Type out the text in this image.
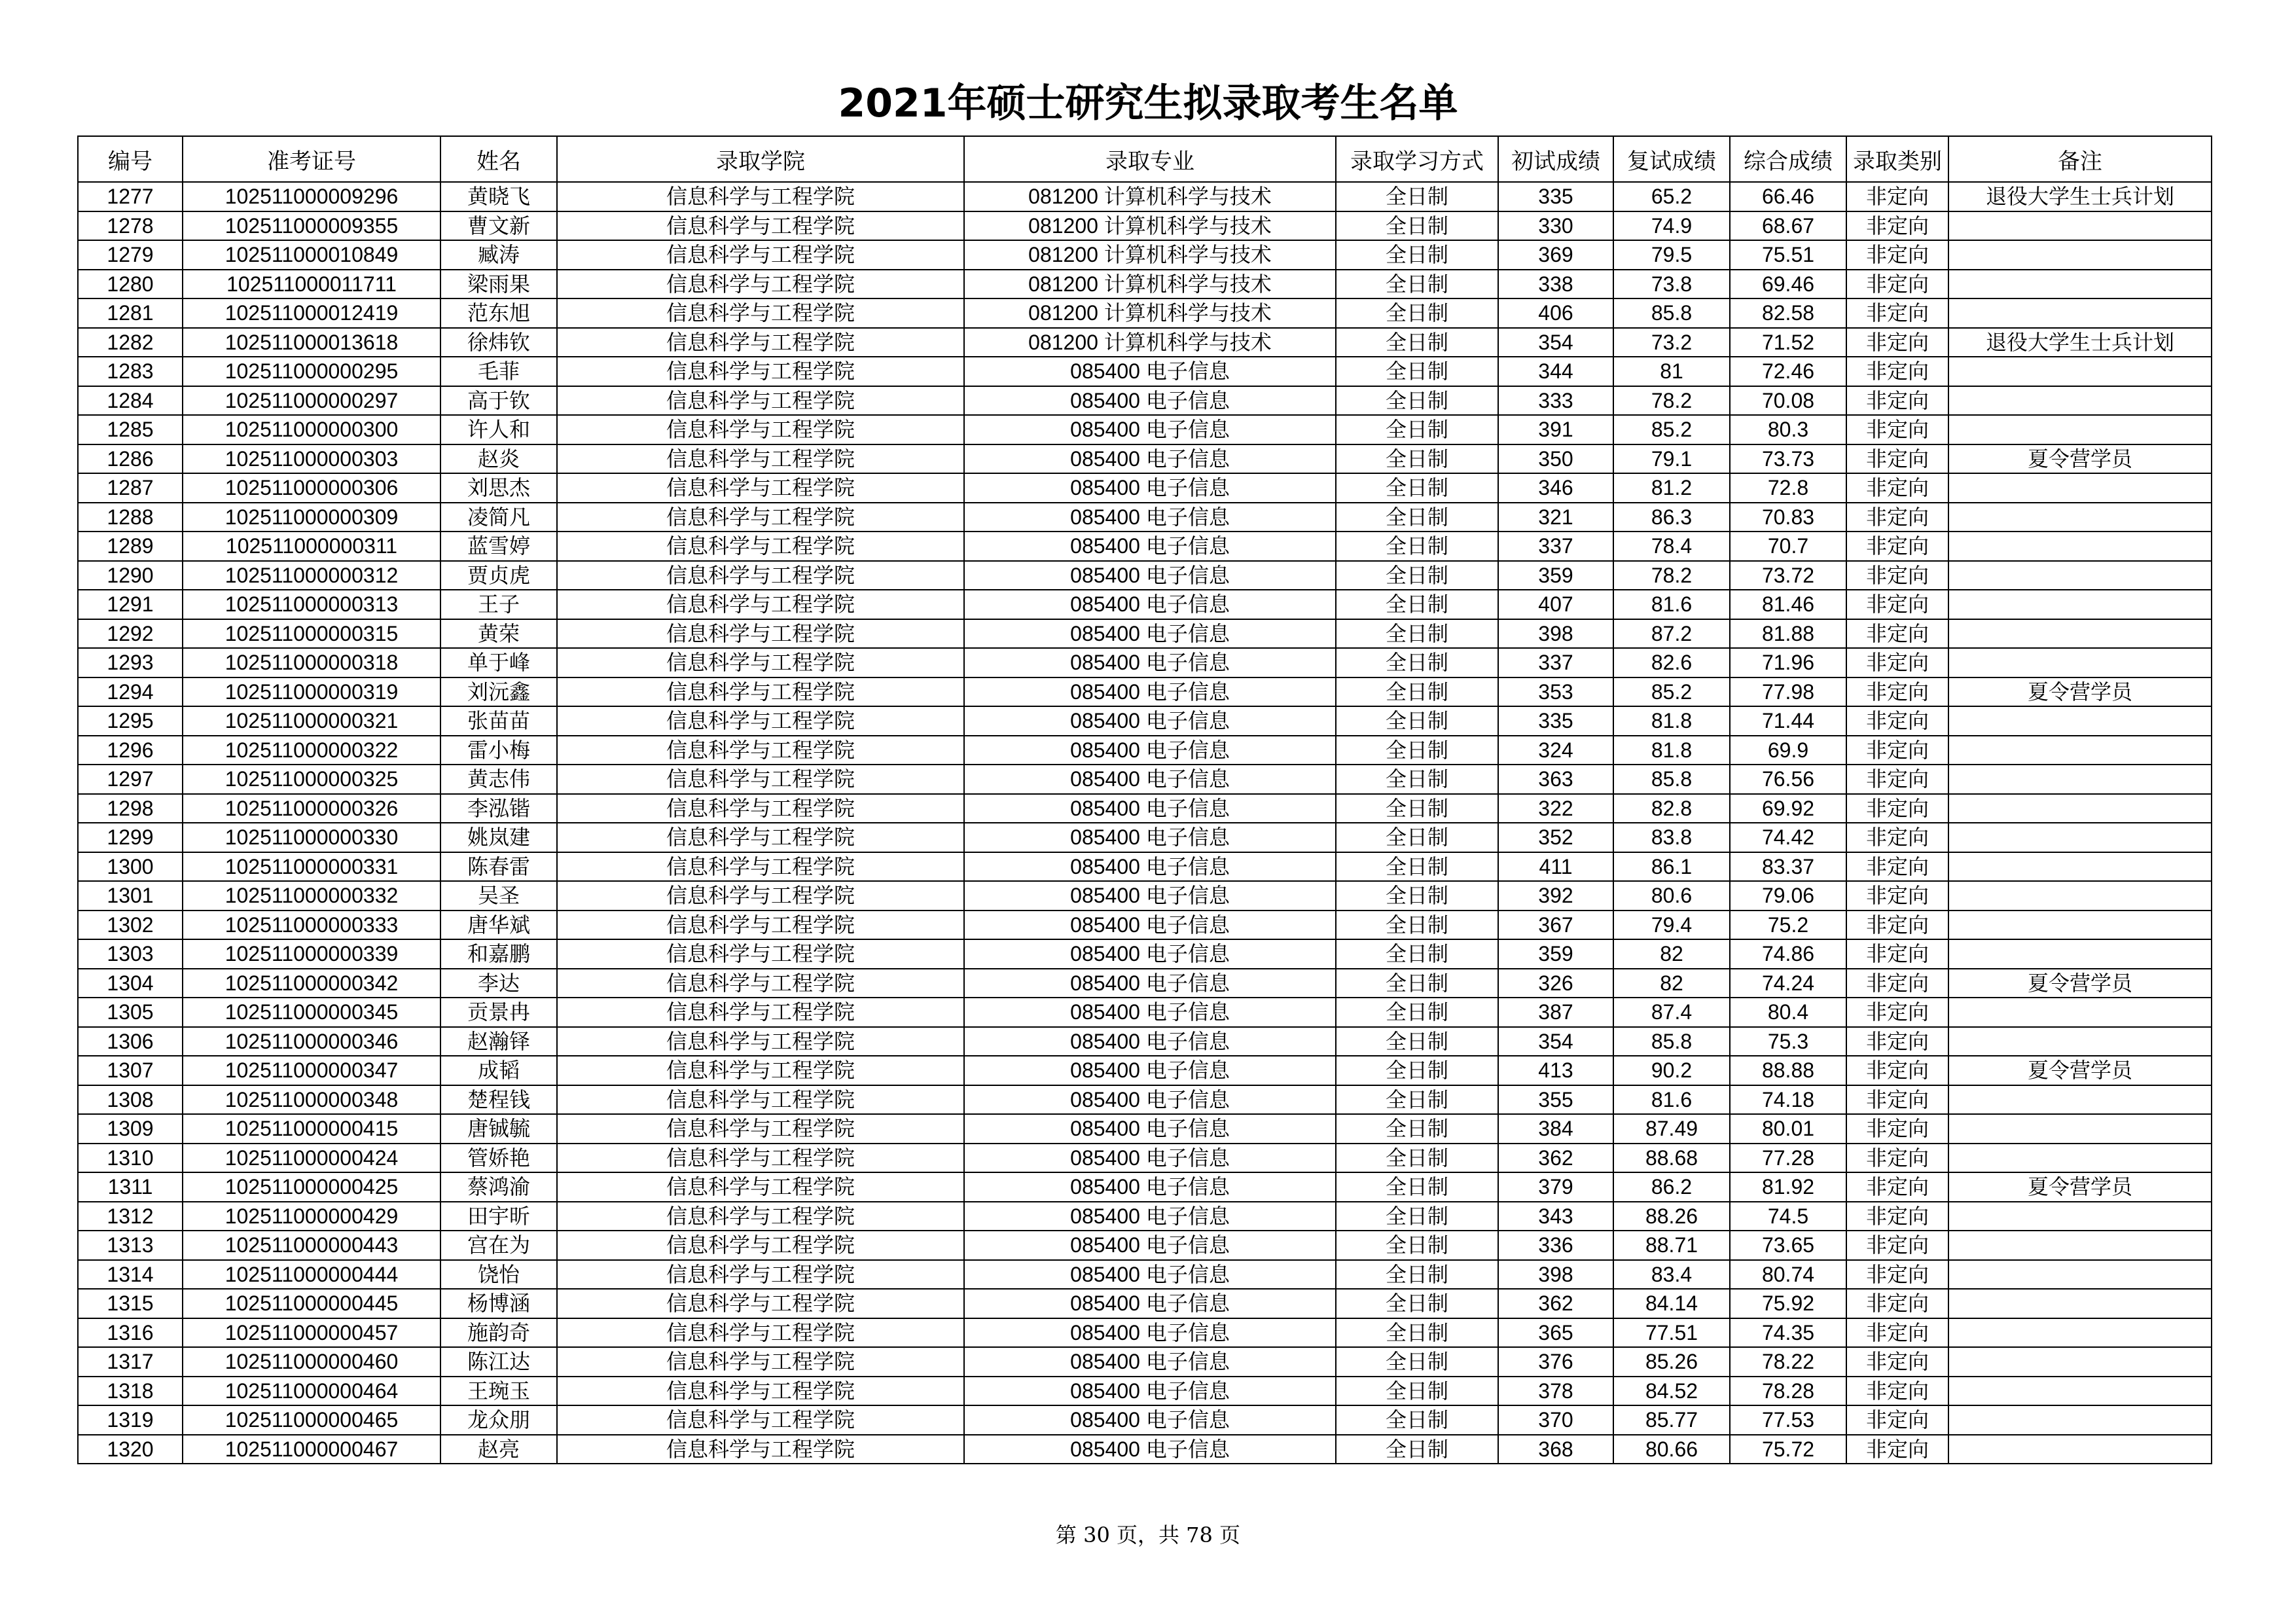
2021年硕士研究生拟录取考生名单
编号	准考证号	姓名	录取学院	录取专业	录取学习方式	初试成绩	复试成绩	综合成绩	录取类别	备注
1277	102511000009296	黄晓飞	信息科学与工程学院	081200 计算机科学与技术	全日制	335	65.2	66.46	非定向	退役大学生士兵计划
1278	102511000009355	曹文新	信息科学与工程学院	081200 计算机科学与技术	全日制	330	74.9	68.67	非定向	
1279	102511000010849	臧涛	信息科学与工程学院	081200 计算机科学与技术	全日制	369	79.5	75.51	非定向	
1280	102511000011711	梁雨果	信息科学与工程学院	081200 计算机科学与技术	全日制	338	73.8	69.46	非定向	
1281	102511000012419	范东旭	信息科学与工程学院	081200 计算机科学与技术	全日制	406	85.8	82.58	非定向	
1282	102511000013618	徐炜钦	信息科学与工程学院	081200 计算机科学与技术	全日制	354	73.2	71.52	非定向	退役大学生士兵计划
1283	102511000000295	毛菲	信息科学与工程学院	085400 电子信息	全日制	344	81	72.46	非定向	
1284	102511000000297	高于钦	信息科学与工程学院	085400 电子信息	全日制	333	78.2	70.08	非定向	
1285	102511000000300	许人和	信息科学与工程学院	085400 电子信息	全日制	391	85.2	80.3	非定向	
1286	102511000000303	赵炎	信息科学与工程学院	085400 电子信息	全日制	350	79.1	73.73	非定向	夏令营学员
1287	102511000000306	刘思杰	信息科学与工程学院	085400 电子信息	全日制	346	81.2	72.8	非定向	
1288	102511000000309	凌简凡	信息科学与工程学院	085400 电子信息	全日制	321	86.3	70.83	非定向	
1289	102511000000311	蓝雪婷	信息科学与工程学院	085400 电子信息	全日制	337	78.4	70.7	非定向	
1290	102511000000312	贾贞虎	信息科学与工程学院	085400 电子信息	全日制	359	78.2	73.72	非定向	
1291	102511000000313	王子	信息科学与工程学院	085400 电子信息	全日制	407	81.6	81.46	非定向	
1292	102511000000315	黄荣	信息科学与工程学院	085400 电子信息	全日制	398	87.2	81.88	非定向	
1293	102511000000318	单于峰	信息科学与工程学院	085400 电子信息	全日制	337	82.6	71.96	非定向	
1294	102511000000319	刘沅鑫	信息科学与工程学院	085400 电子信息	全日制	353	85.2	77.98	非定向	夏令营学员
1295	102511000000321	张苗苗	信息科学与工程学院	085400 电子信息	全日制	335	81.8	71.44	非定向	
1296	102511000000322	雷小梅	信息科学与工程学院	085400 电子信息	全日制	324	81.8	69.9	非定向	
1297	102511000000325	黄志伟	信息科学与工程学院	085400 电子信息	全日制	363	85.8	76.56	非定向	
1298	102511000000326	李泓锴	信息科学与工程学院	085400 电子信息	全日制	322	82.8	69.92	非定向	
1299	102511000000330	姚岚建	信息科学与工程学院	085400 电子信息	全日制	352	83.8	74.42	非定向	
1300	102511000000331	陈春雷	信息科学与工程学院	085400 电子信息	全日制	411	86.1	83.37	非定向	
1301	102511000000332	吴圣	信息科学与工程学院	085400 电子信息	全日制	392	80.6	79.06	非定向	
1302	102511000000333	唐华斌	信息科学与工程学院	085400 电子信息	全日制	367	79.4	75.2	非定向	
1303	102511000000339	和嘉鹏	信息科学与工程学院	085400 电子信息	全日制	359	82	74.86	非定向	
1304	102511000000342	李达	信息科学与工程学院	085400 电子信息	全日制	326	82	74.24	非定向	夏令营学员
1305	102511000000345	贡景冉	信息科学与工程学院	085400 电子信息	全日制	387	87.4	80.4	非定向	
1306	102511000000346	赵瀚铎	信息科学与工程学院	085400 电子信息	全日制	354	85.8	75.3	非定向	
1307	102511000000347	成韬	信息科学与工程学院	085400 电子信息	全日制	413	90.2	88.88	非定向	夏令营学员
1308	102511000000348	楚程钱	信息科学与工程学院	085400 电子信息	全日制	355	81.6	74.18	非定向	
1309	102511000000415	唐铖毓	信息科学与工程学院	085400 电子信息	全日制	384	87.49	80.01	非定向	
1310	102511000000424	管娇艳	信息科学与工程学院	085400 电子信息	全日制	362	88.68	77.28	非定向	
1311	102511000000425	蔡鸿渝	信息科学与工程学院	085400 电子信息	全日制	379	86.2	81.92	非定向	夏令营学员
1312	102511000000429	田宇昕	信息科学与工程学院	085400 电子信息	全日制	343	88.26	74.5	非定向	
1313	102511000000443	宫在为	信息科学与工程学院	085400 电子信息	全日制	336	88.71	73.65	非定向	
1314	102511000000444	饶怡	信息科学与工程学院	085400 电子信息	全日制	398	83.4	80.74	非定向	
1315	102511000000445	杨博涵	信息科学与工程学院	085400 电子信息	全日制	362	84.14	75.92	非定向	
1316	102511000000457	施韵奇	信息科学与工程学院	085400 电子信息	全日制	365	77.51	74.35	非定向	
1317	102511000000460	陈江达	信息科学与工程学院	085400 电子信息	全日制	376	85.26	78.22	非定向	
1318	102511000000464	王琬玉	信息科学与工程学院	085400 电子信息	全日制	378	84.52	78.28	非定向	
1319	102511000000465	龙众朋	信息科学与工程学院	085400 电子信息	全日制	370	85.77	77.53	非定向	
1320	102511000000467	赵亮	信息科学与工程学院	085400 电子信息	全日制	368	80.66	75.72	非定向	
第 30 页，共 78 页
